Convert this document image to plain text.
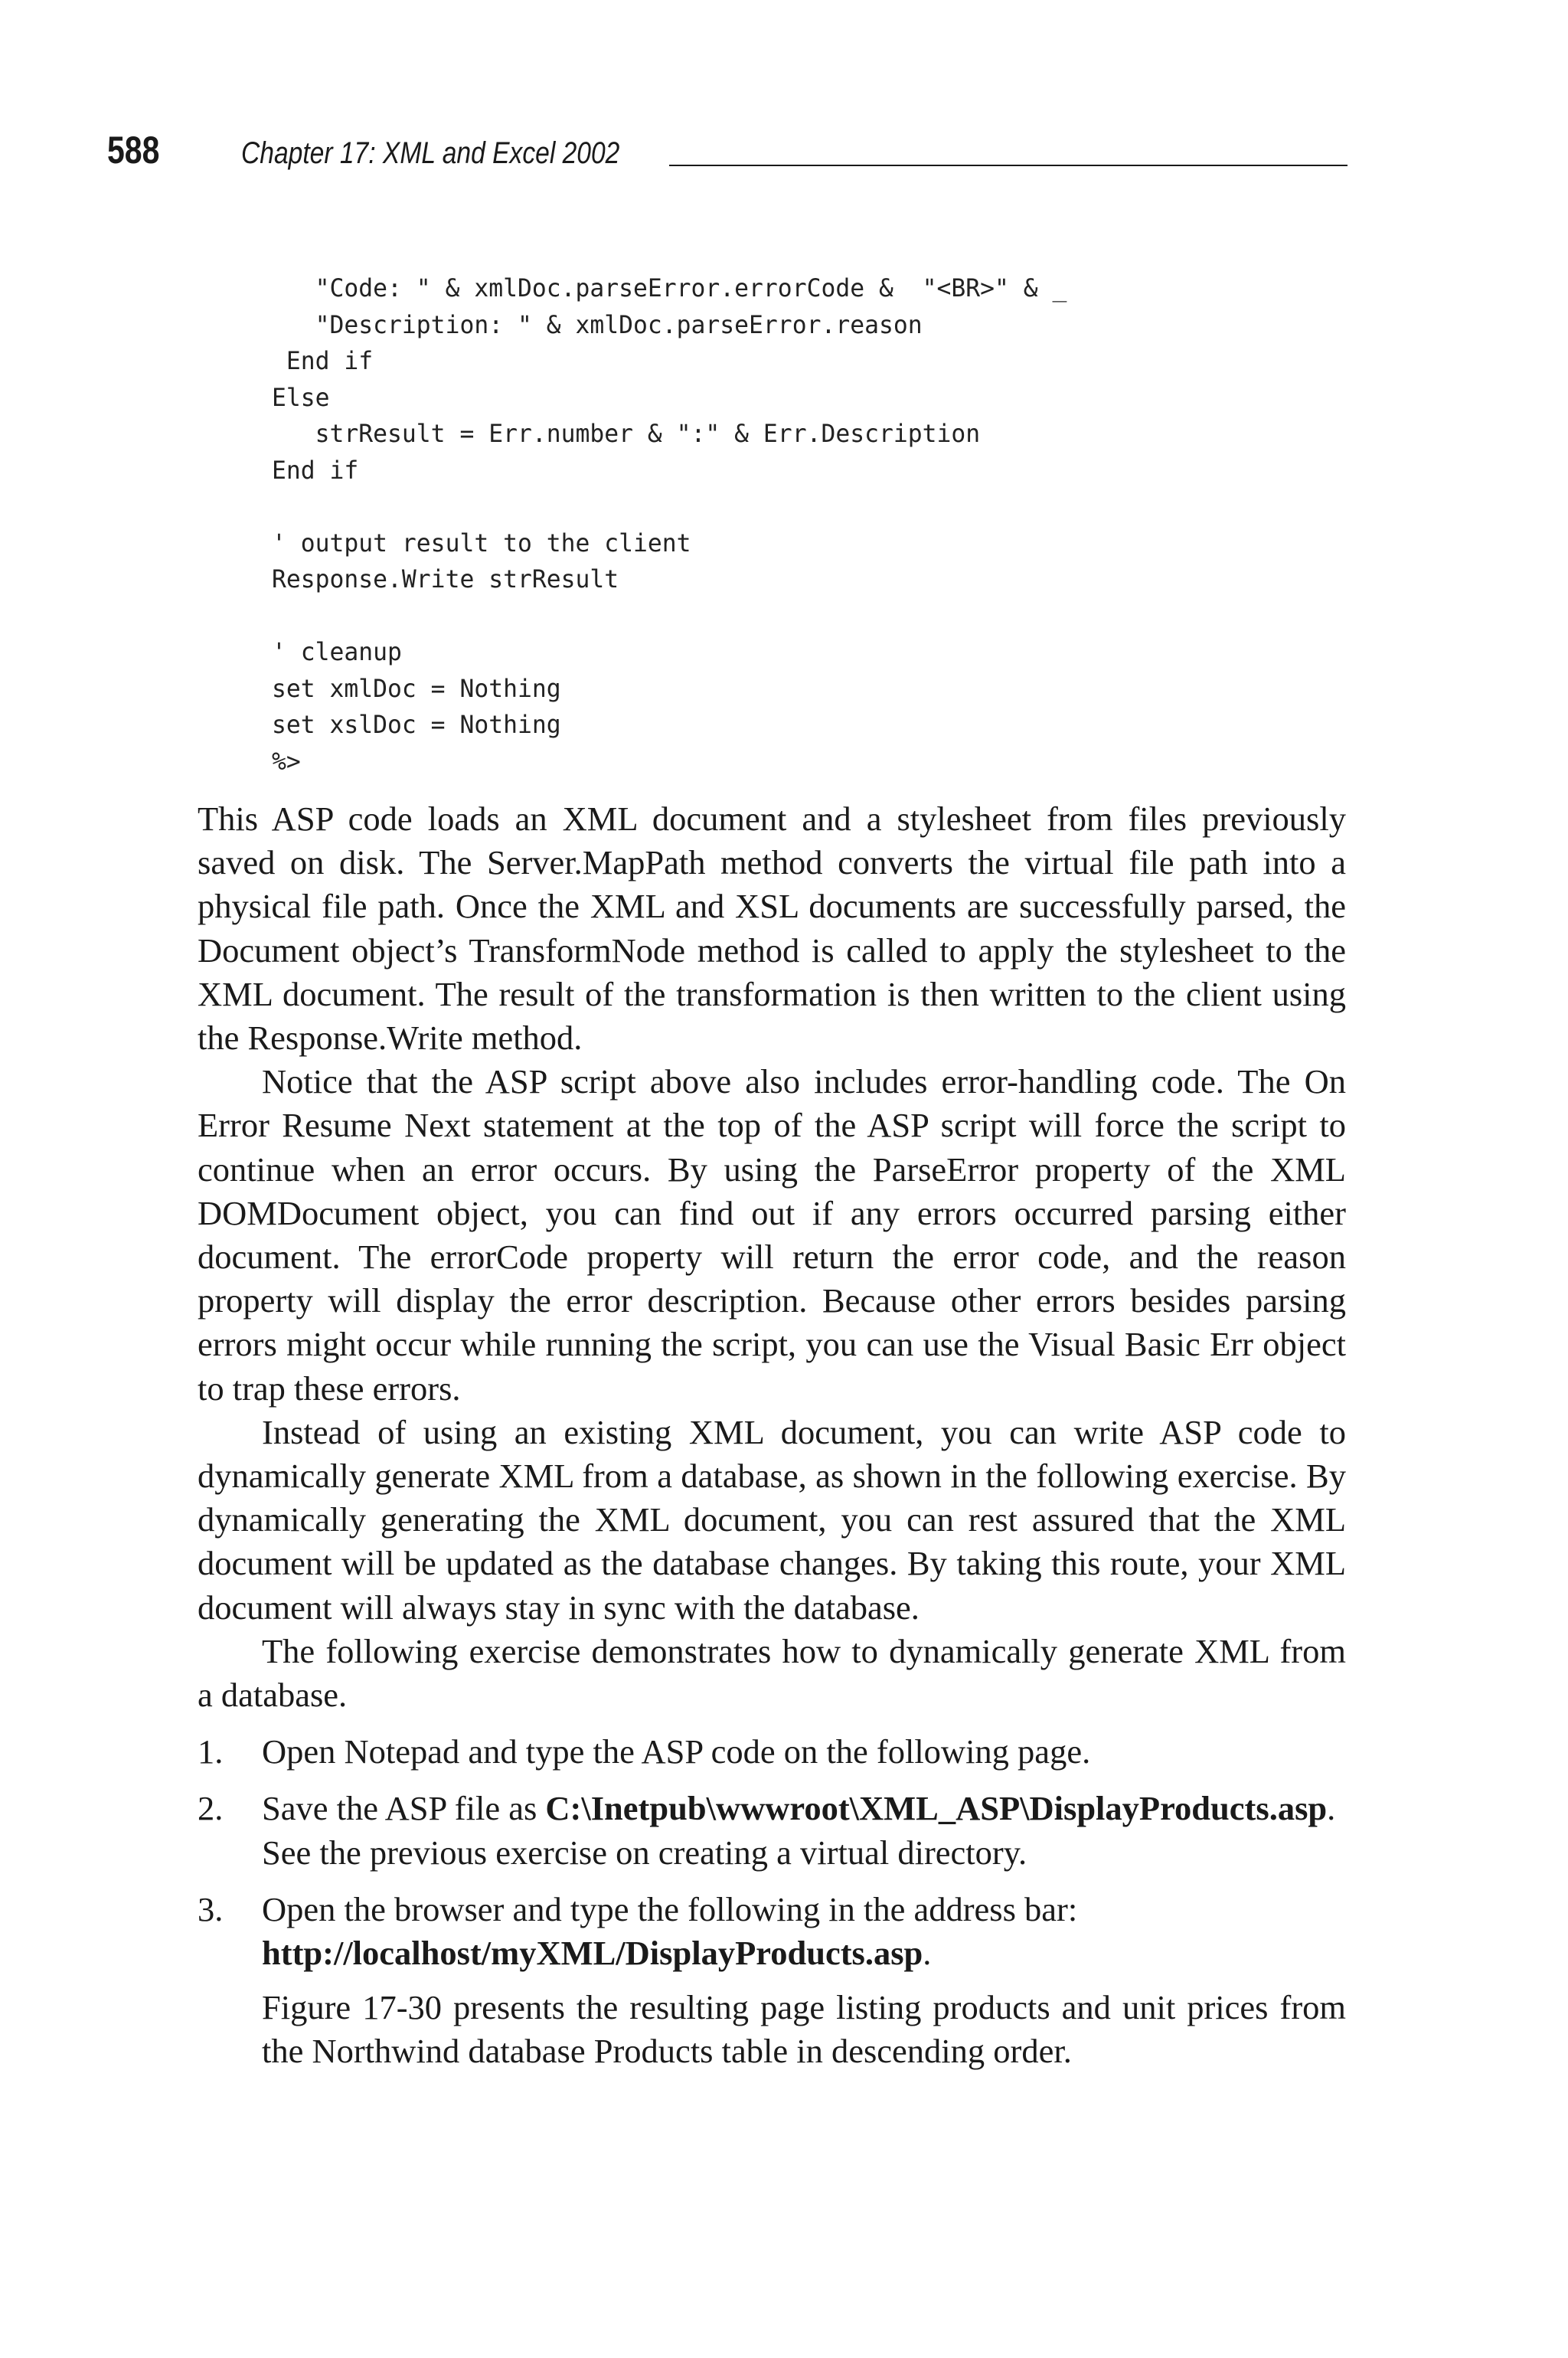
588	Chapter 17: XML and Excel 2002
"Code: " & xmlDoc.parseError.errorCode &  "<BR>" & _
"Description: " & xmlDoc.parseError.reason
End if
Else
strResult = Err.number & ":" & Err.Description
End if

' output result to the client
Response.Write strResult

' cleanup
set xmlDoc = Nothing
set xslDoc = Nothing
%>

This ASP code loads an XML document and a stylesheet from files previously saved on disk. The Server.MapPath method converts the virtual file path into a physical file path. Once the XML and XSL documents are successfully parsed, the Document object’s TransformNode method is called to apply the stylesheet to the XML document. The result of the transformation is then written to the client using the Response.Write method.

Notice that the ASP script above also includes error-handling code. The On Error Resume Next statement at the top of the ASP script will force the script to continue when an error occurs. By using the ParseError property of the XML DOMDocument object, you can find out if any errors occurred parsing either document. The errorCode property will return the error code, and the reason property will display the error description. Because other errors besides parsing errors might occur while running the script, you can use the Visual Basic Err object to trap these errors.

Instead of using an existing XML document, you can write ASP code to dynamically generate XML from a database, as shown in the following exercise. By dynamically generating the XML document, you can rest assured that the XML document will be updated as the database changes. By taking this route, your XML document will always stay in sync with the database.

The following exercise demonstrates how to dynamically generate XML from a database.

1. Open Notepad and type the ASP code on the following page.
2. Save the ASP file as C:\Inetpub\wwwroot\XML_ASP\DisplayProducts.asp. See the previous exercise on creating a virtual directory.
3. Open the browser and type the following in the address bar: http://localhost/myXML/DisplayProducts.asp.

Figure 17-30 presents the resulting page listing products and unit prices from the Northwind database Products table in descending order.
